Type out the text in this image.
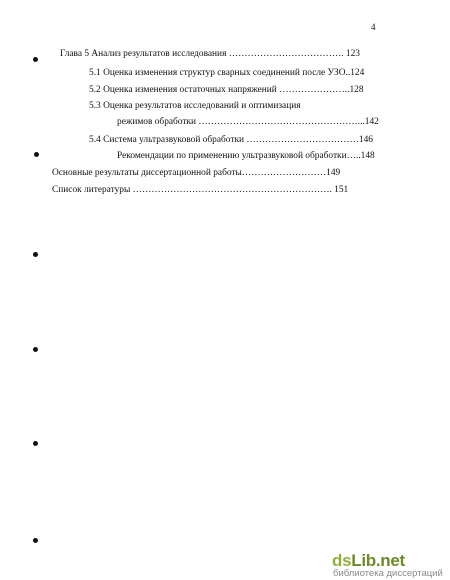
4
Глава 5 Анализ результатов исследования ………………………………. 123
5.1 Оценка изменения структур сварных соединений после УЗО..124
5.2 Оценка изменения остаточных напряжений …………………..128
5.3 Оценка результатов исследований и оптимизация
режимов обработки ……………………………………………...142
5.4 Система ультразвуковой обработки ………………………………146
Рекомендации по применению ультразвуковой обработки…..148
Основные результаты диссертационной работы………………………149
Список литературы ………………………………………………………. 151
dsLib.net
библиотека диссертаций
